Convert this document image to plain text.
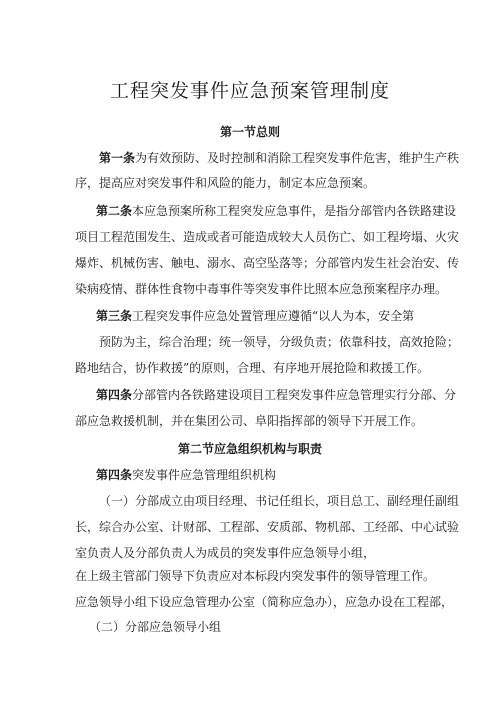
工程突发事件应急预案管理制度
第一节总则
第一条为有效预防、及时控制和消除工程突发事件危害，维护生产秩
序，提高应对突发事件和风险的能力，制定本应急预案。
第二条本应急预案所称工程突发应急事件，是指分部管内各铁路建设
项目工程范围发生、造成或者可能造成较大人员伤亡、如工程垮塌、火灾
爆炸、机械伤害、触电、溺水、高空坠落等；分部管内发生社会治安、传
染病疫情、群体性食物中毒事件等突发事件比照本应急预案程序办理。
第三条工程突发事件应急处置管理应遵循“以人为本，安全第
预防为主，综合治理；统一领导，分级负责；依靠科技，高效抢险；
路地结合，协作救援”的原则，合理、有序地开展抢险和救援工作。
第四条分部管内各铁路建设项目工程突发事件应急管理实行分部、分
部应急救援机制，并在集团公司、阜阳指挥部的领导下开展工作。
第二节应急组织机构与职责
第四条突发事件应急管理组织机构
（一）分部成立由项目经理、书记任组长，项目总工、副经理任副组
长，综合办公室、计财部、工程部、安质部、物机部、工经部、中心试验
室负责人及分部负责人为成员的突发事件应急领导小组，
在上级主管部门领导下负责应对本标段内突发事件的领导管理工作。
应急领导小组下设应急管理办公室（简称应急办），应急办设在工程部，
（二）分部应急领导小组
